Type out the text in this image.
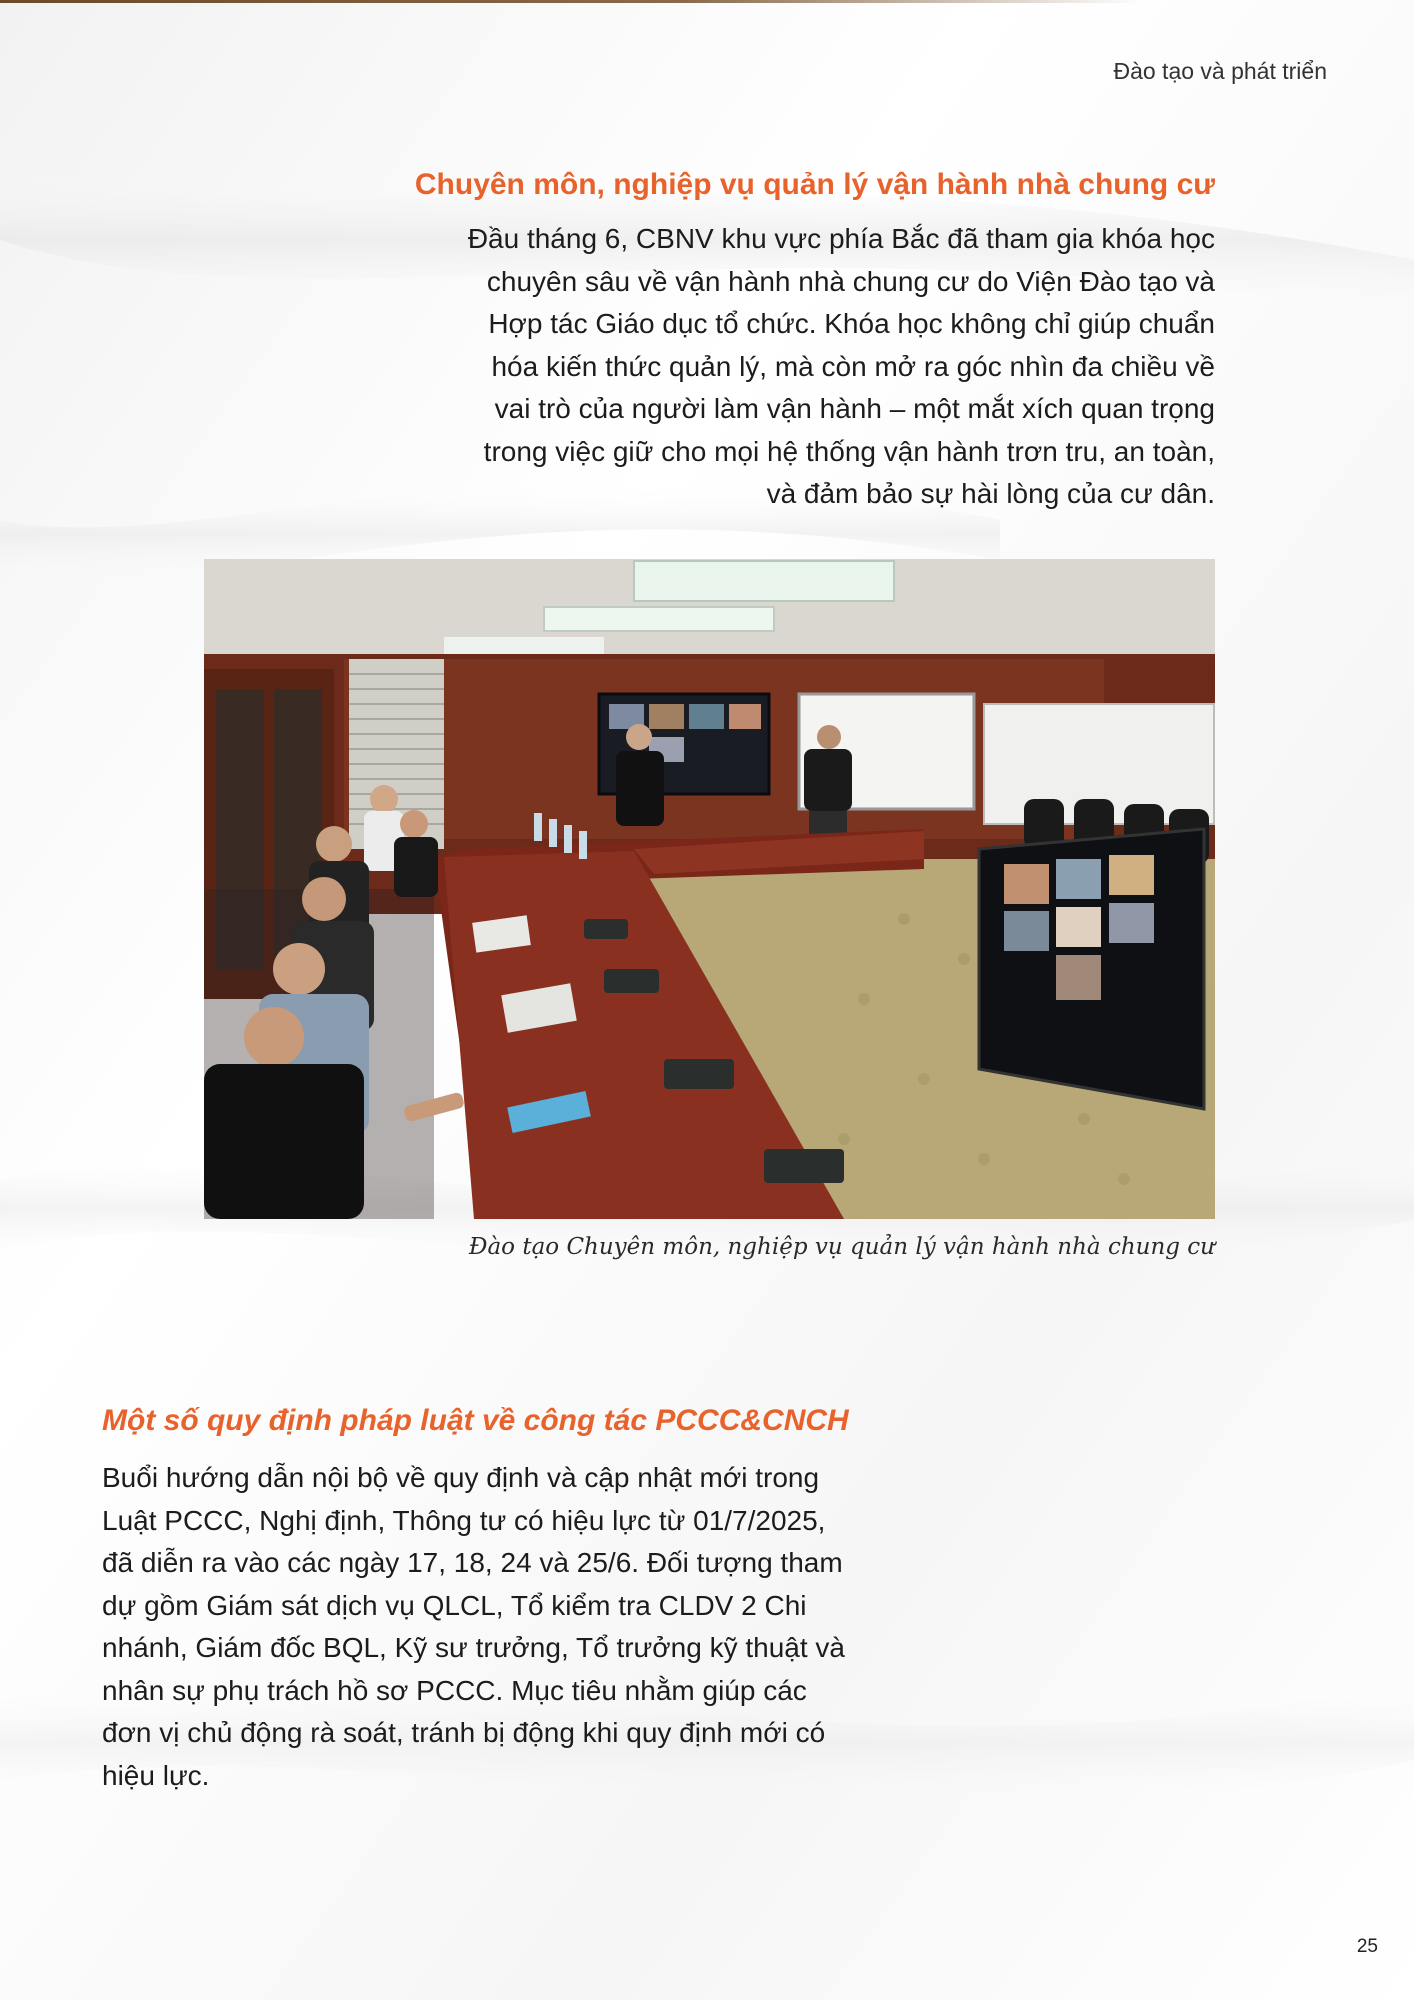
Đào tạo và phát triển
Chuyên môn, nghiệp vụ quản lý vận hành nhà chung cư
Đầu tháng 6, CBNV khu vực phía Bắc đã tham gia khóa học
chuyên sâu về vận hành nhà chung cư do Viện Đào tạo và
Hợp tác Giáo dục tổ chức. Khóa học không chỉ giúp chuẩn
hóa kiến thức quản lý, mà còn mở ra góc nhìn đa chiều về
vai trò của người làm vận hành – một mắt xích quan trọng
trong việc giữ cho mọi hệ thống vận hành trơn tru, an toàn,
và đảm bảo sự hài lòng của cư dân.
Đào tạo Chuyên môn, nghiệp vụ quản lý vận hành nhà chung cư
Một số quy định pháp luật về công tác PCCC&CNCH
Buổi hướng dẫn nội bộ về quy định và cập nhật mới trong
Luật PCCC, Nghị định, Thông tư có hiệu lực từ 01/7/2025,
đã diễn ra vào các ngày 17, 18, 24 và 25/6. Đối tượng tham
dự gồm Giám sát dịch vụ QLCL, Tổ kiểm tra CLDV 2 Chi
nhánh, Giám đốc BQL, Kỹ sư trưởng, Tổ trưởng kỹ thuật và
nhân sự phụ trách hồ sơ PCCC. Mục tiêu nhằm giúp các
đơn vị chủ động rà soát, tránh bị động khi quy định mới có
hiệu lực.
25
